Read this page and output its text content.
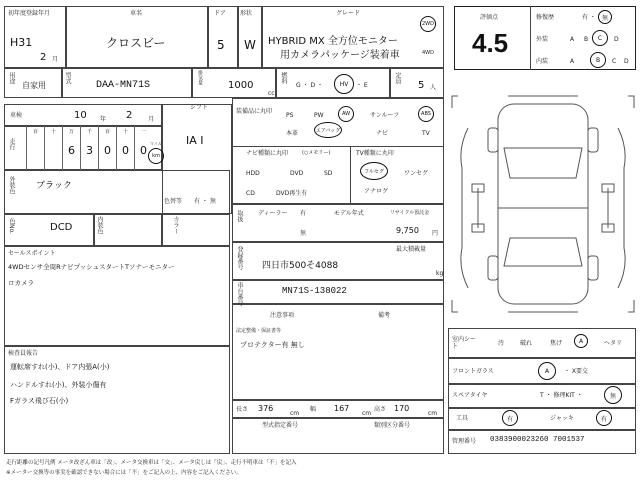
初年度登録年月
H31
2 月
車名
クロスビー
ドア
5
形状
W
グレード
HYBRID MX 全方位モニター
用カメラパッケージ装着車
2WD
4WD
用途
自家用
型式
DAA-MN71S
排気量
1000
cc
燃料
G ・ D ・	HV ・ E
定員
5 人
車検	10 年 2	月
シフト
IA I
走行
百	十	万
6
千
3
百
0
十
0
一
0	km
マイル
外装色 ブラック
色替等 有 ・ 無
色No.	DCD	内装色	カラー
セールスポイント
4WDセンサ全周RナビプッシュスタートTソナーモニター
ロカメラ
検査員報告
運転席すれ(小)、ドア内張A(小)
ハンドルすれ(小)、外装小傷有
Fガラス飛び石(小)
装備品に丸印
PS	PW	AW	サンルーフ	ABS
本革	エアバッグ	ナビ	TV
ナビ種類に丸印	(○メモリー)
HDD	DVD	SD
CD	DVD再生有
TV種類に丸印
フルセグ	ワンセグ
アナログ
取扱	ディーラー 有
無
モデル年式	リサイクル預託金
9,750 円
登録番号 四日市500そ4088
最大積載量
kg
車台番号	MN71S-138022
注意事項	備考
法定整備・保証書等
プロテクター有 無し
長さ 376
cm
幅 167
cm
高さ 170
cm
型式指定番号	類別区分番号
評価点
4.5
修復歴	有 ・ 無
外装	A B C D
内装	A	B C D
室内シート	汚	破れ	焦げ	A	ヘタリ
フロントガラス	A ・ X要交
スペアタイヤ	T ・ 修理KIT ・	無
工具	有	ジャッキ	有
管理番号 0383900023260 7001537
走行距離の記号凡例 メータ改ざん車は「改」、メータ交換車は「交」、メータ戻しは「戻」、走行不明車は「不」を記入
※メーター交換等の事実を確認できない場合には「不」をご記入の上、内容をご記入ください。
